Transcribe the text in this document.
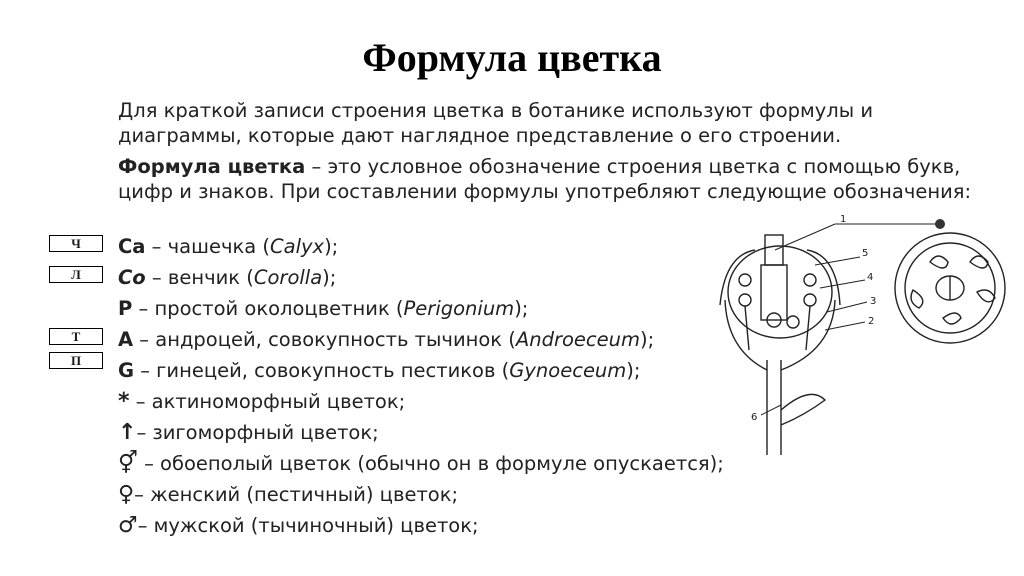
Формула цветка
Для краткой записи строения цветка в ботанике используют формулы и диаграммы, которые дают наглядное представление о его строении.
Формула цветка – это условное обозначение строения цветка с помощью букв, цифр и знаков. При составлении формулы употребляют следующие обозначения:
Ч
Л
Т
П
Ca – чашечка (Calyx);
Co – венчик (Corolla);
P – простой околоцветник (Perigonium);
A – андроцей, совокупность тычинок (Androeceum);
G – гинецей, совокупность пестиков (Gynoeceum);
* – актиноморфный цветок;
↑– зигоморфный цветок;
⚥ – обоеполый цветок (обычно он в формуле опускается);
♀– женский (пестичный) цветок;
♂– мужской (тычиночный) цветок;
1
2
3
4
5
6
